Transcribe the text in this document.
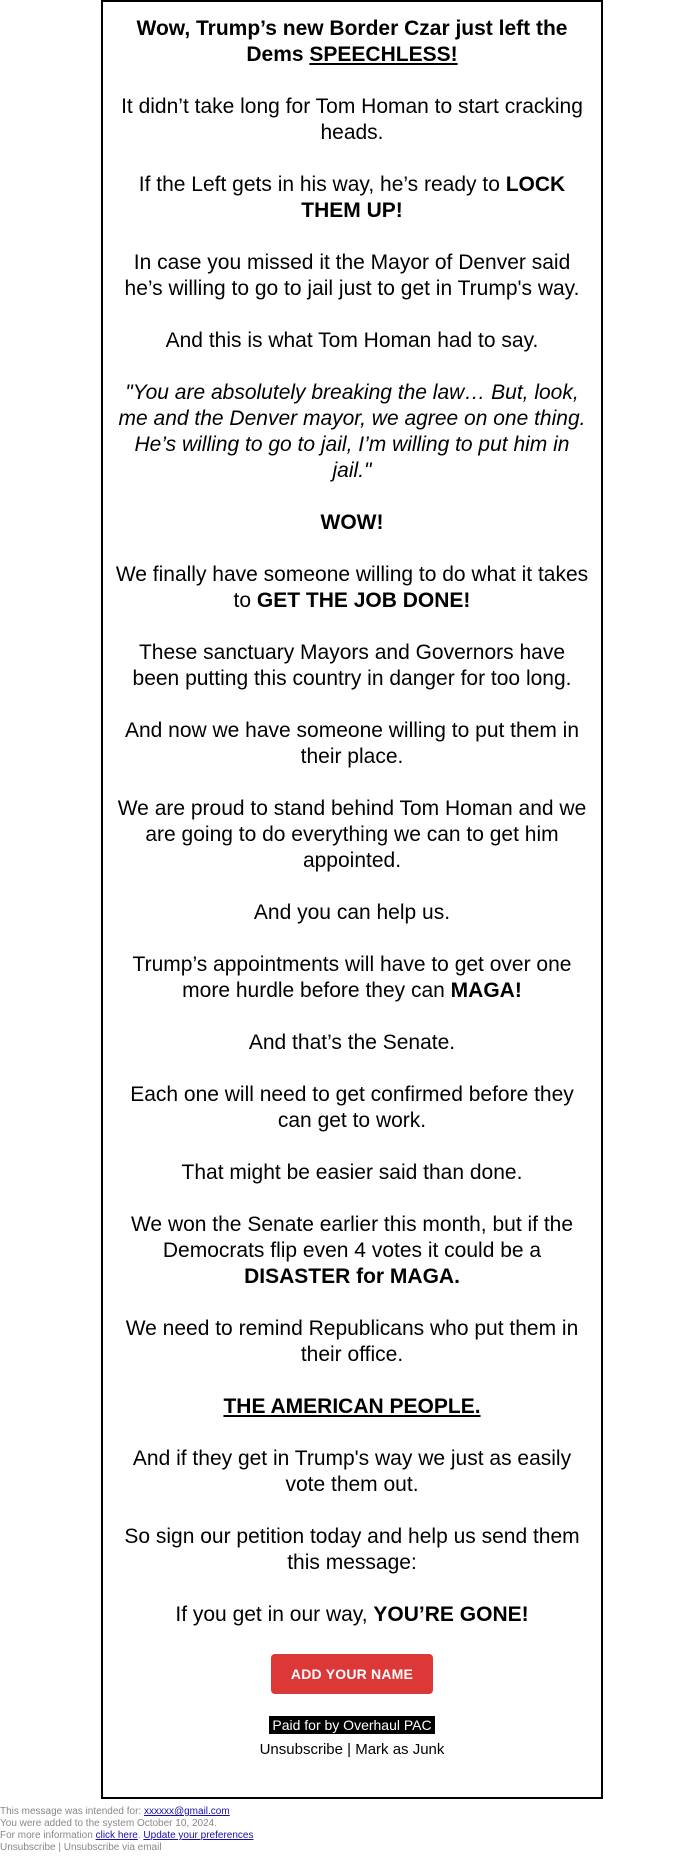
Wow, Trump’s new Border Czar just left the Dems SPEECHLESS!

It didn’t take long for Tom Homan to start cracking heads.

If the Left gets in his way, he’s ready to LOCK THEM UP!

In case you missed it the Mayor of Denver said he’s willing to go to jail just to get in Trump's way.

And this is what Tom Homan had to say.

"You are absolutely breaking the law… But, look, me and the Denver mayor, we agree on one thing. He’s willing to go to jail, I’m willing to put him in jail."

WOW!

We finally have someone willing to do what it takes to GET THE JOB DONE!

These sanctuary Mayors and Governors have been putting this country in danger for too long.

And now we have someone willing to put them in their place.

We are proud to stand behind Tom Homan and we are going to do everything we can to get him appointed.

And you can help us.

Trump’s appointments will have to get over one more hurdle before they can MAGA!

And that’s the Senate.

Each one will need to get confirmed before they can get to work.

That might be easier said than done.

We won the Senate earlier this month, but if the Democrats flip even 4 votes it could be a DISASTER for MAGA.

We need to remind Republicans who put them in their office.

THE AMERICAN PEOPLE.

And if they get in Trump's way we just as easily vote them out.

So sign our petition today and help us send them this message:

If you get in our way, YOU’RE GONE!

ADD YOUR NAME
Paid for by Overhaul PAC
Unsubscribe | Mark as Junk
This message was intended for: xxxxxx@gmail.com
You were added to the system October 10, 2024.
For more information click here. Update your preferences
Unsubscribe | Unsubscribe via email
